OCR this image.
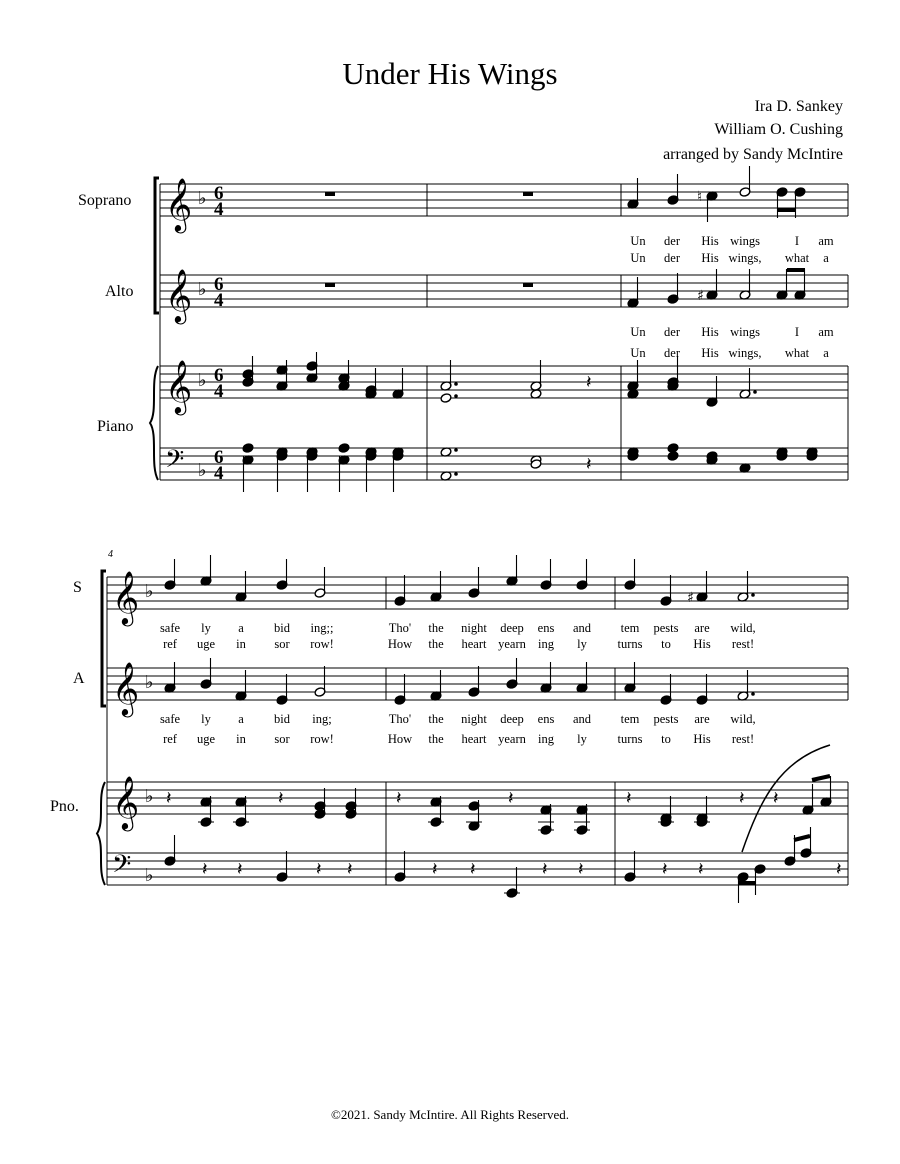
Under His Wings
Ira D. Sankey
William O. Cushing
arranged by Sandy McIntire
Soprano
Alto
Piano
S
A
Pno.
𝄞
𝄞
𝄞
𝄢
𝄞
𝄞
𝄞
𝄢
♭
♭
♭
♭
♭
♭
♭
♭
6
4
6
4
6
4
6
4
♮
♯
♯
𝄽
𝄽
𝄽	𝄽	𝄽	𝄽	𝄽	𝄽 𝄽
𝄽 𝄽	𝄽 𝄽	𝄽 𝄽	𝄽 𝄽	𝄽 𝄽	𝄽
Un der His wings	I am
Un der His wings, what a
Un der His wings	I am
Un der His wings, what a
safe ly a bid ing;;	Tho' the night deep ens and tem pests are wild,
ref uge in sor row!	How the heart yearn ing ly turns to His rest!
safe ly a bid ing;	Tho' the night deep ens and tem pests are wild,
ref uge in sor row!	How the heart yearn ing ly turns to His rest!
4
©2021. Sandy McIntire. All Rights Reserved.
